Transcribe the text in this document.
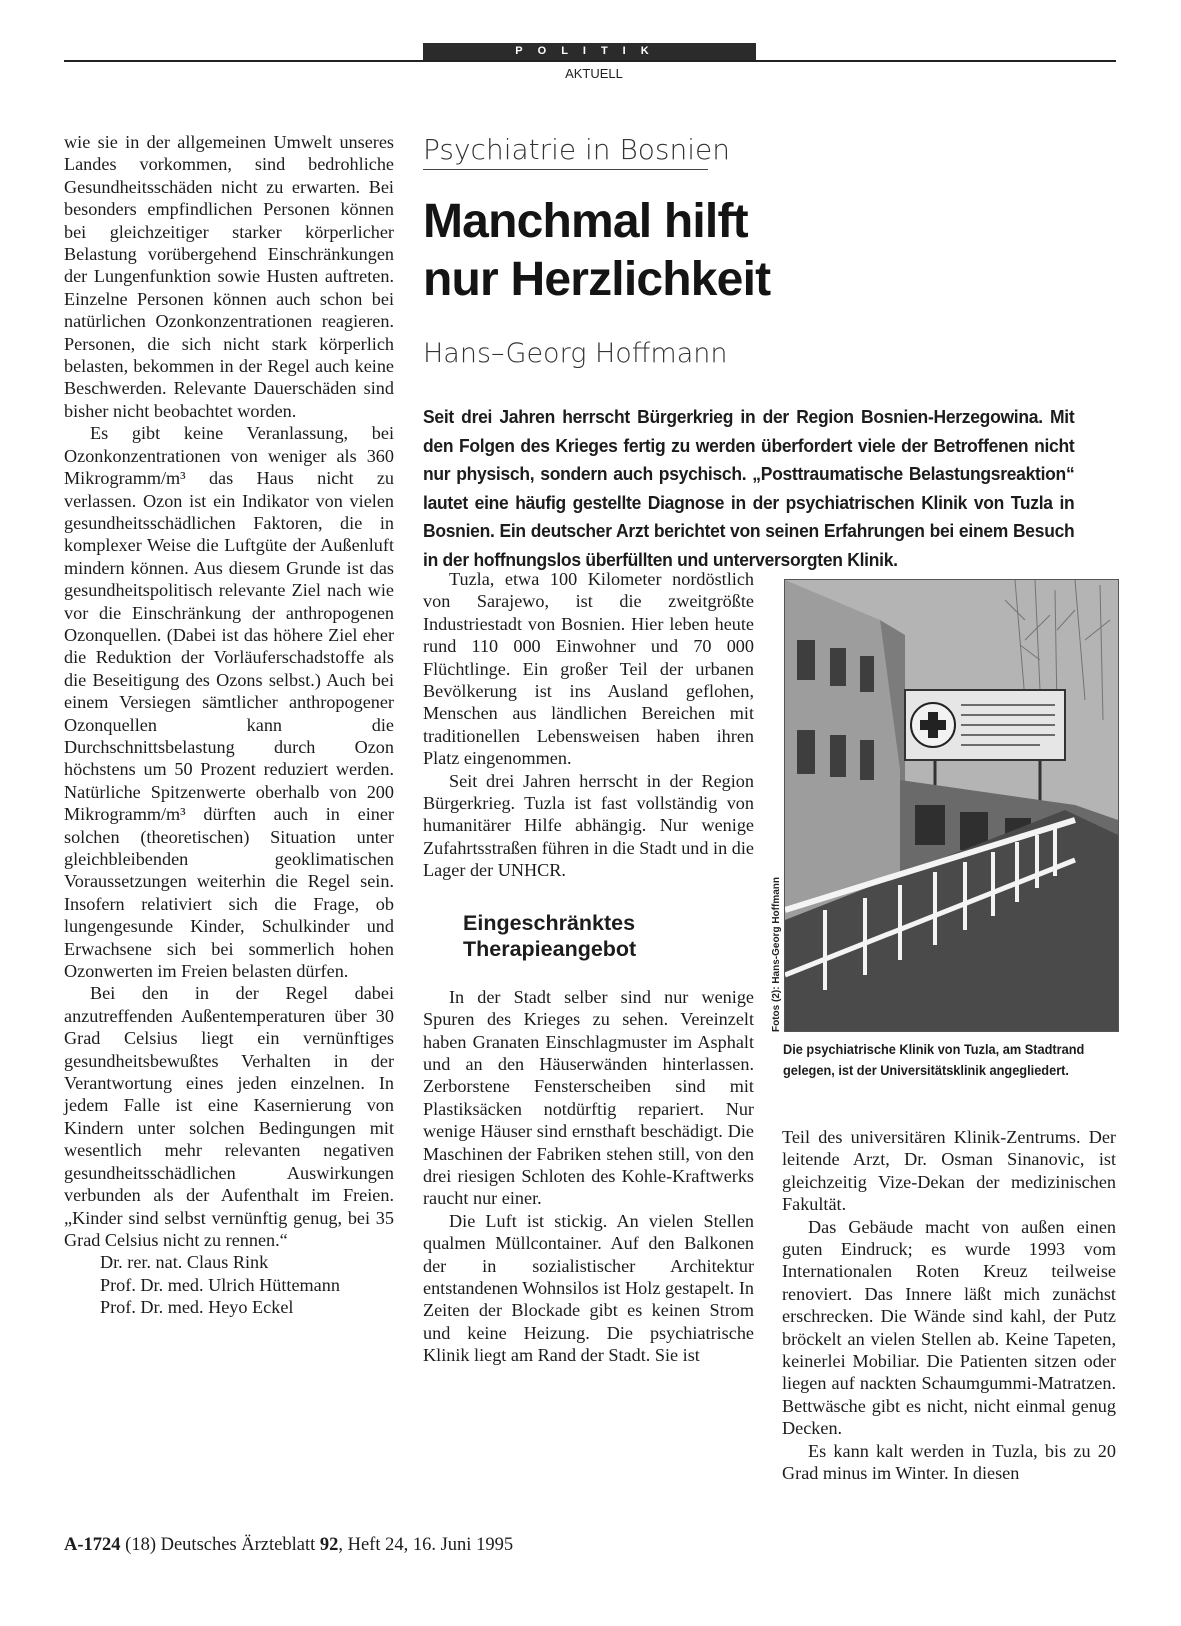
POLITIK
AKTUELL

wie sie in der allgemeinen Umwelt unseres Landes vorkommen, sind bedrohliche Gesundheitsschäden nicht zu erwarten. Bei besonders empfindlichen Personen können bei gleichzeitiger starker körperlicher Belastung vorübergehend Einschränkungen der Lungenfunktion sowie Husten auftreten. Einzelne Personen können auch schon bei natürlichen Ozonkonzentrationen reagieren. Personen, die sich nicht stark körperlich belasten, bekommen in der Regel auch keine Beschwerden. Relevante Dauerschäden sind bisher nicht beobachtet worden.

Es gibt keine Veranlassung, bei Ozonkonzentrationen von weniger als 360 Mikrogramm/m³ das Haus nicht zu verlassen. Ozon ist ein Indikator von vielen gesundheitsschädlichen Faktoren, die in komplexer Weise die Luftgüte der Außenluft mindern können. Aus diesem Grunde ist das gesundheitspolitisch relevante Ziel nach wie vor die Einschränkung der anthropogenen Ozonquellen. (Dabei ist das höhere Ziel eher die Reduktion der Vorläuferschadstoffe als die Beseitigung des Ozons selbst.) Auch bei einem Versiegen sämtlicher anthropogener Ozonquellen kann die Durchschnittsbelastung durch Ozon höchstens um 50 Prozent reduziert werden. Natürliche Spitzenwerte oberhalb von 200 Mikrogramm/m³ dürften auch in einer solchen (theoretischen) Situation unter gleichbleibenden geoklimatischen Voraussetzungen weiterhin die Regel sein. Insofern relativiert sich die Frage, ob lungengesunde Kinder, Schulkinder und Erwachsene sich bei sommerlich hohen Ozonwerten im Freien belasten dürfen.

Bei den in der Regel dabei anzutreffenden Außentemperaturen über 30 Grad Celsius liegt ein vernünftiges gesundheitsbewußtes Verhalten in der Verantwortung eines jeden einzelnen. In jedem Falle ist eine Kasernierung von Kindern unter solchen Bedingungen mit wesentlich mehr relevanten negativen gesundheitsschädlichen Auswirkungen verbunden als der Aufenthalt im Freien. „Kinder sind selbst vernünftig genug, bei 35 Grad Celsius nicht zu rennen.“

Dr. rer. nat. Claus Rink

Prof. Dr. med. Ulrich Hüttemann

Prof. Dr. med. Heyo Eckel

Psychiatrie in Bosnien
Manchmal hilft
nur Herzlichkeit
Hans–Georg Hoffmann

Seit drei Jahren herrscht Bürgerkrieg in der Region Bosnien-Herzegowina. Mit den Folgen des Krieges fertig zu werden überfordert viele der Betroffenen nicht nur physisch, sondern auch psychisch. „Posttraumatische Belastungsreaktion“ lautet eine häufig gestellte Diagnose in der psychiatrischen Klinik von Tuzla in Bosnien. Ein deutscher Arzt berichtet von seinen Erfahrungen bei einem Besuch in der hoffnungslos überfüllten und unterversorgten Klinik.

Tuzla, etwa 100 Kilometer nordöstlich von Sarajewo, ist die zweitgrößte Industriestadt von Bosnien. Hier leben heute rund 110 000 Einwohner und 70 000 Flüchtlinge. Ein großer Teil der urbanen Bevölkerung ist ins Ausland geflohen, Menschen aus ländlichen Bereichen mit traditionellen Lebensweisen haben ihren Platz eingenommen.

Seit drei Jahren herrscht in der Region Bürgerkrieg. Tuzla ist fast vollständig von humanitärer Hilfe abhängig. Nur wenige Zufahrtsstraßen führen in die Stadt und in die Lager der UNHCR.

Eingeschränktes
Therapieangebot

In der Stadt selber sind nur wenige Spuren des Krieges zu sehen. Vereinzelt haben Granaten Einschlagmuster im Asphalt und an den Häuserwänden hinterlassen. Zerborstene Fensterscheiben sind mit Plastiksäcken notdürftig repariert. Nur wenige Häuser sind ernsthaft beschädigt. Die Maschinen der Fabriken stehen still, von den drei riesigen Schloten des Kohle-Kraftwerks raucht nur einer.

Die Luft ist stickig. An vielen Stellen qualmen Müllcontainer. Auf den Balkonen der in sozialistischer Architektur entstandenen Wohnsilos ist Holz gestapelt. In Zeiten der Blockade gibt es keinen Strom und keine Heizung. Die psychiatrische Klinik liegt am Rand der Stadt. Sie ist

Fotos (2): Hans-Georg Hoffmann

Die psychiatrische Klinik von Tuzla, am Stadtrand gelegen, ist der Universitätsklinik angegliedert.

Teil des universitären Klinik-Zentrums. Der leitende Arzt, Dr. Osman Sinanovic, ist gleichzeitig Vize-Dekan der medizinischen Fakultät.

Das Gebäude macht von außen einen guten Eindruck; es wurde 1993 vom Internationalen Roten Kreuz teilweise renoviert. Das Innere läßt mich zunächst erschrecken. Die Wände sind kahl, der Putz bröckelt an vielen Stellen ab. Keine Tapeten, keinerlei Mobiliar. Die Patienten sitzen oder liegen auf nackten Schaumgummi-Matratzen. Bettwäsche gibt es nicht, nicht einmal genug Decken.

Es kann kalt werden in Tuzla, bis zu 20 Grad minus im Winter. In diesen

A-1724 (18) Deutsches Ärzteblatt 92, Heft 24, 16. Juni 1995
